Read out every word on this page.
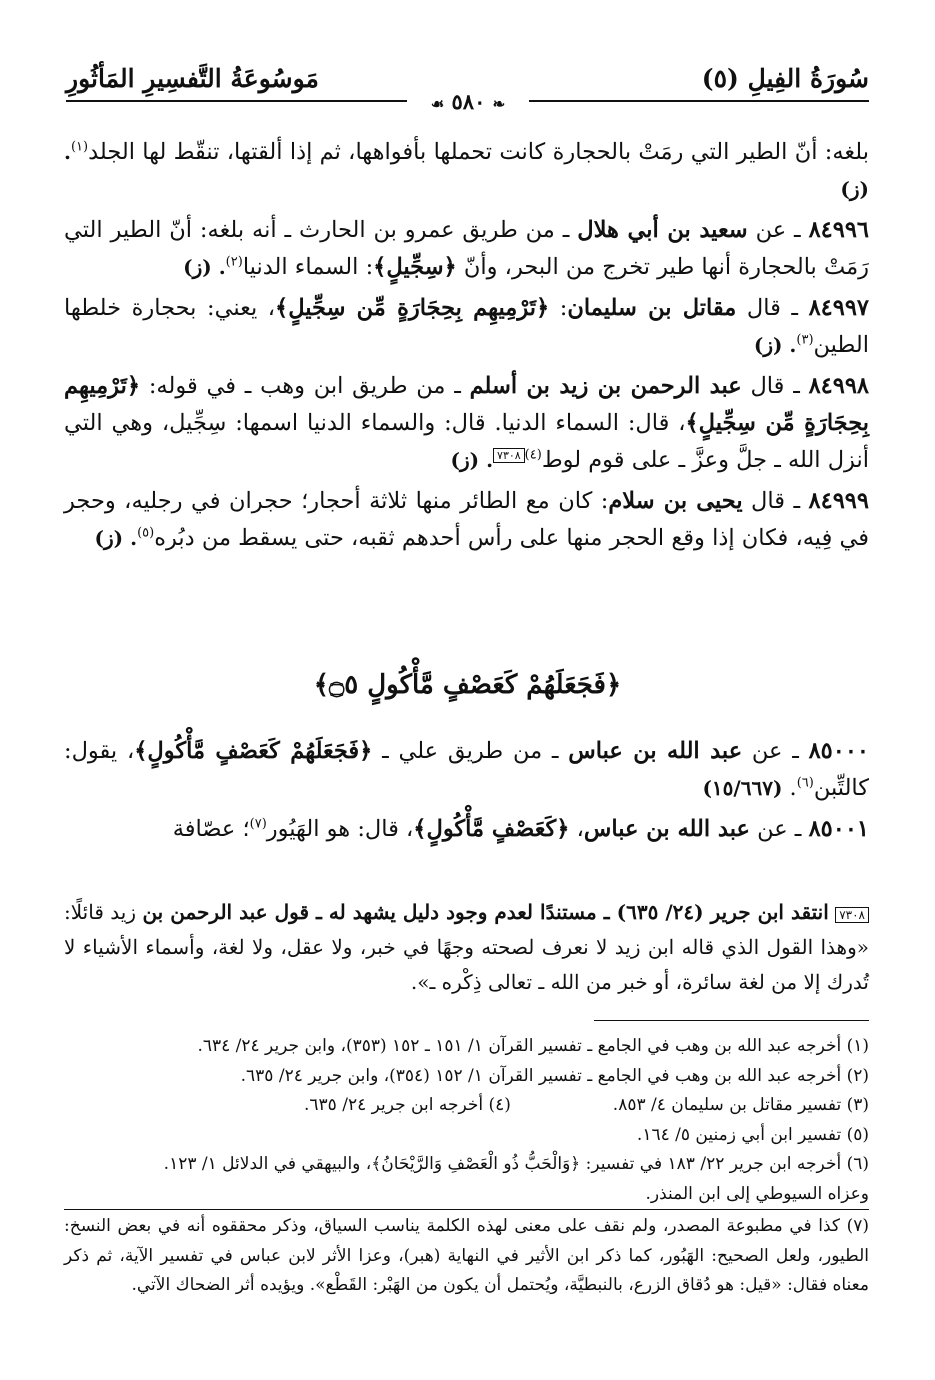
سُورَةُ الفِيلِ (٥)
مَوسُوعَةُ التَّفسِيرِ المَأثُورِ
❧ ٥٨٠ ☙

بلغه: أنّ الطير التي رمَتْ بالحجارة كانت تحملها بأفواهها، ثم إذا ألقتها، تنقّط لها الجلد$^{(١)}$. (ز)

٨٤٩٩٦ ـ عن سعيد بن أبي هلال ـ من طريق عمرو بن الحارث ـ أنه بلغه: أنّ الطير التي رَمَتْ بالحجارة أنها طير تخرج من البحر، وأنّ ﴿سِجِّيلٍ﴾: السماء الدنيا$^{(٢)}$. (ز)

٨٤٩٩٧ ـ قال مقاتل بن سليمان: ﴿تَرْمِيهِم بِحِجَارَةٍ مِّن سِجِّيلٍ﴾، يعني: بحجارة خلطها الطين$^{(٣)}$. (ز)

٨٤٩٩٨ ـ قال عبد الرحمن بن زيد بن أسلم ـ من طريق ابن وهب ـ في قوله: ﴿تَرْمِيهِم بِحِجَارَةٍ مِّن سِجِّيلٍ﴾، قال: السماء الدنيا. قال: والسماء الدنيا اسمها: سِجِّيل، وهي التي أنزل الله ـ جلَّ وعزَّ ـ على قوم لوط$^{(٤)٧٣٠٨}$. (ز)

٨٤٩٩٩ ـ قال يحيى بن سلام: كان مع الطائر منها ثلاثة أحجار؛ حجران في رجليه، وحجر في فِيه، فكان إذا وقع الحجر منها على رأس أحدهم ثقبه، حتى يسقط من دبُره$^{(٥)}$. (ز)

﴿فَجَعَلَهُمْ كَعَصْفٍ مَّأْكُولٍ ۝٥﴾

٨٥٠٠٠ ـ عن عبد الله بن عباس ـ من طريق علي ـ ﴿فَجَعَلَهُمْ كَعَصْفٍ مَّأْكُولٍ﴾، يقول: كالتِّبن$^{(٦)}$. (١٥/٦٦٧)

٨٥٠٠١ ـ عن عبد الله بن عباس، ﴿كَعَصْفٍ مَّأْكُولٍ﴾، قال: هو الهَيُور$^{(٧)}$؛ عصّافة

٧٣٠٨ انتقد ابن جرير (٢٤/ ٦٣٥) ـ مستندًا لعدم وجود دليل يشهد له ـ قول عبد الرحمن بن زيد قائلًا: «وهذا القول الذي قاله ابن زيد لا نعرف لصحته وجهًا في خبر، ولا عقل، ولا لغة، وأسماء الأشياء لا تُدرك إلا من لغة سائرة، أو خبر من الله ـ تعالى ذِكْره ـ».

(١) أخرجه عبد الله بن وهب في الجامع ـ تفسير القرآن ١/ ١٥١ ـ ١٥٢ (٣٥٣)، وابن جرير ٢٤/ ٦٣٤.

(٢) أخرجه عبد الله بن وهب في الجامع ـ تفسير القرآن ١/ ١٥٢ (٣٥٤)، وابن جرير ٢٤/ ٦٣٥.

(٣) تفسير مقاتل بن سليمان ٤/ ٨٥٣.
(٤) أخرجه ابن جرير ٢٤/ ٦٣٥.

(٥) تفسير ابن أبي زمنين ٥/ ١٦٤.

(٦) أخرجه ابن جرير ٢٢/ ١٨٣ في تفسير: ﴿وَالْحَبُّ ذُو الْعَصْفِ وَالرَّيْحَانُ﴾، والبيهقي في الدلائل ١/ ١٢٣.

وعزاه السيوطي إلى ابن المنذر.

(٧) كذا في مطبوعة المصدر، ولم نقف على معنى لهذه الكلمة يناسب السياق، وذكر محققوه أنه في بعض النسخ: الطيور، ولعل الصحيح: الهَبُور، كما ذكر ابن الأثير في النهاية (هبر)، وعزا الأثر لابن عباس في تفسير الآية، ثم ذكر معناه فقال: «قيل: هو دُقاق الزرع، بالنبطيَّة، ويُحتمل أن يكون من الهَبْر: القَطْع». ويؤيده أثر الضحاك الآتي.
